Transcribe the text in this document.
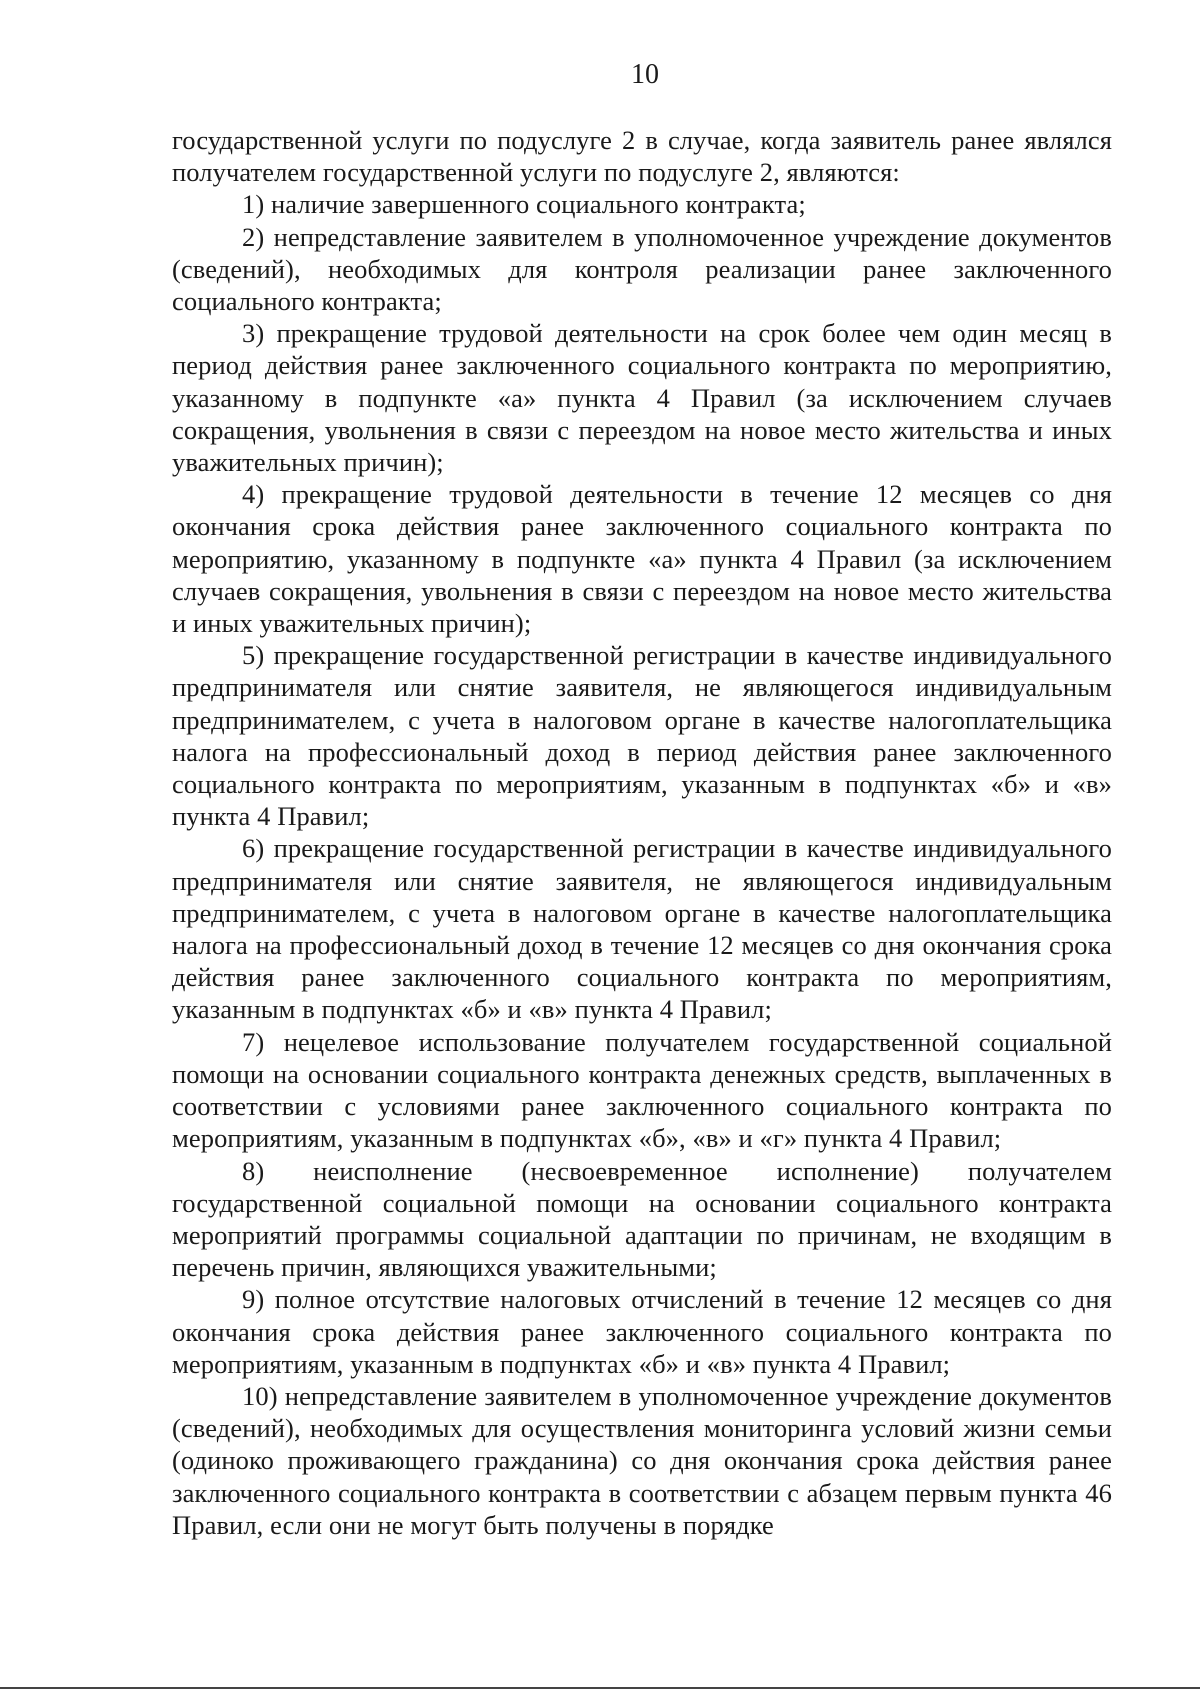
10

государственной услуги по подуслуге 2 в случае, когда заявитель ранее являлся получателем государственной услуги по подуслуге 2, являются:

1) наличие завершенного социального контракта;

2) непредставление заявителем в уполномоченное учреждение документов (сведений), необходимых для контроля реализации ранее заключенного социального контракта;

3) прекращение трудовой деятельности на срок более чем один месяц в период действия ранее заключенного социального контракта по мероприятию, указанному в подпункте «а» пункта 4 Правил (за исключением случаев сокращения, увольнения в связи с переездом на новое место жительства и иных уважительных причин);

4) прекращение трудовой деятельности в течение 12 месяцев со дня окончания срока действия ранее заключенного социального контракта по мероприятию, указанному в подпункте «а» пункта 4 Правил (за исключением случаев сокращения, увольнения в связи с переездом на новое место жительства и иных уважительных причин);

5) прекращение государственной регистрации в качестве индивидуального предпринимателя или снятие заявителя, не являющегося индивидуальным предпринимателем, с учета в налоговом органе в качестве налогоплательщика налога на профессиональный доход в период действия ранее заключенного социального контракта по мероприятиям, указанным в подпунктах «б» и «в» пункта 4 Правил;

6) прекращение государственной регистрации в качестве индивидуального предпринимателя или снятие заявителя, не являющегося индивидуальным предпринимателем, с учета в налоговом органе в качестве налогоплательщика налога на профессиональный доход в течение 12 месяцев со дня окончания срока действия ранее заключенного социального контракта по мероприятиям, указанным в подпунктах «б» и «в» пункта 4 Правил;

7) нецелевое использование получателем государственной социальной помощи на основании социального контракта денежных средств, выплаченных в соответствии с условиями ранее заключенного социального контракта по мероприятиям, указанным в подпунктах «б», «в» и «г» пункта 4 Правил;

8) неисполнение (несвоевременное исполнение) получателем государственной социальной помощи на основании социального контракта мероприятий программы социальной адаптации по причинам, не входящим в перечень причин, являющихся уважительными;

9) полное отсутствие налоговых отчислений в течение 12 месяцев со дня окончания срока действия ранее заключенного социального контракта по мероприятиям, указанным в подпунктах «б» и «в» пункта 4 Правил;

10) непредставление заявителем в уполномоченное учреждение документов (сведений), необходимых для осуществления мониторинга условий жизни семьи (одиноко проживающего гражданина) со дня окончания срока действия ранее заключенного социального контракта в соответствии с абзацем первым пункта 46 Правил, если они не могут быть получены в порядке
